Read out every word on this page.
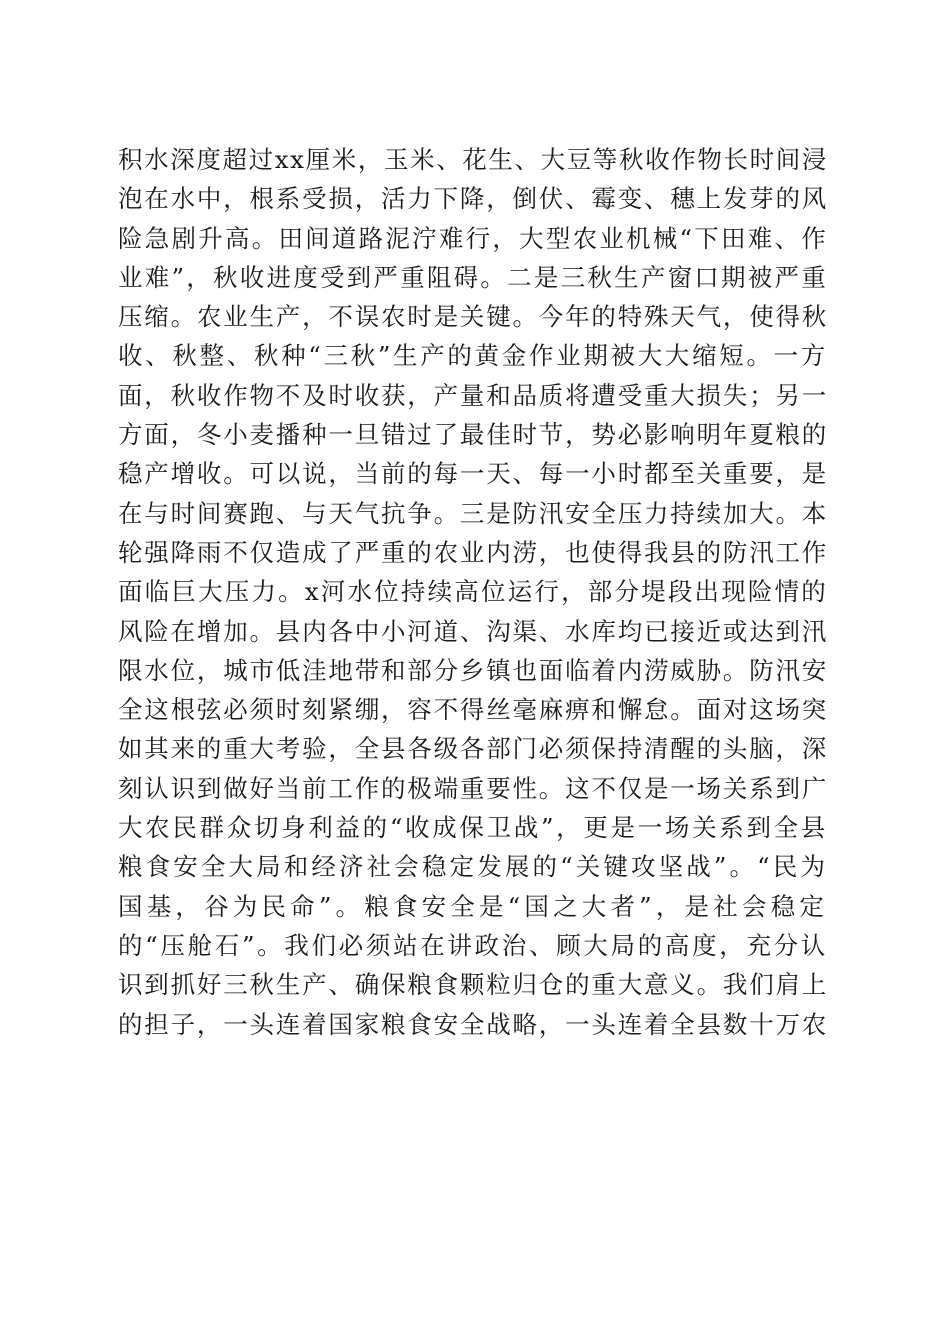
积水深度超过xx厘米，玉米、花生、大豆等秋收作物长时间浸
泡在水中，根系受损，活力下降，倒伏、霉变、穗上发芽的风
险急剧升高。田间道路泥泞难行，大型农业机械“下田难、作
业难”，秋收进度受到严重阻碍。二是三秋生产窗口期被严重
压缩。农业生产，不误农时是关键。今年的特殊天气，使得秋
收、秋整、秋种“三秋”生产的黄金作业期被大大缩短。一方
面，秋收作物不及时收获，产量和品质将遭受重大损失；另一
方面，冬小麦播种一旦错过了最佳时节，势必影响明年夏粮的
稳产增收。可以说，当前的每一天、每一小时都至关重要，是
在与时间赛跑、与天气抗争。三是防汛安全压力持续加大。本
轮强降雨不仅造成了严重的农业内涝，也使得我县的防汛工作
面临巨大压力。x河水位持续高位运行，部分堤段出现险情的
风险在增加。县内各中小河道、沟渠、水库均已接近或达到汛
限水位，城市低洼地带和部分乡镇也面临着内涝威胁。防汛安
全这根弦必须时刻紧绷，容不得丝毫麻痹和懈怠。面对这场突
如其来的重大考验，全县各级各部门必须保持清醒的头脑，深
刻认识到做好当前工作的极端重要性。这不仅是一场关系到广
大农民群众切身利益的“收成保卫战”，更是一场关系到全县
粮食安全大局和经济社会稳定发展的“关键攻坚战”。“民为
国基，谷为民命”。粮食安全是“国之大者”，是社会稳定
的“压舱石”。我们必须站在讲政治、顾大局的高度，充分认
识到抓好三秋生产、确保粮食颗粒归仓的重大意义。我们肩上
的担子，一头连着国家粮食安全战略，一头连着全县数十万农
